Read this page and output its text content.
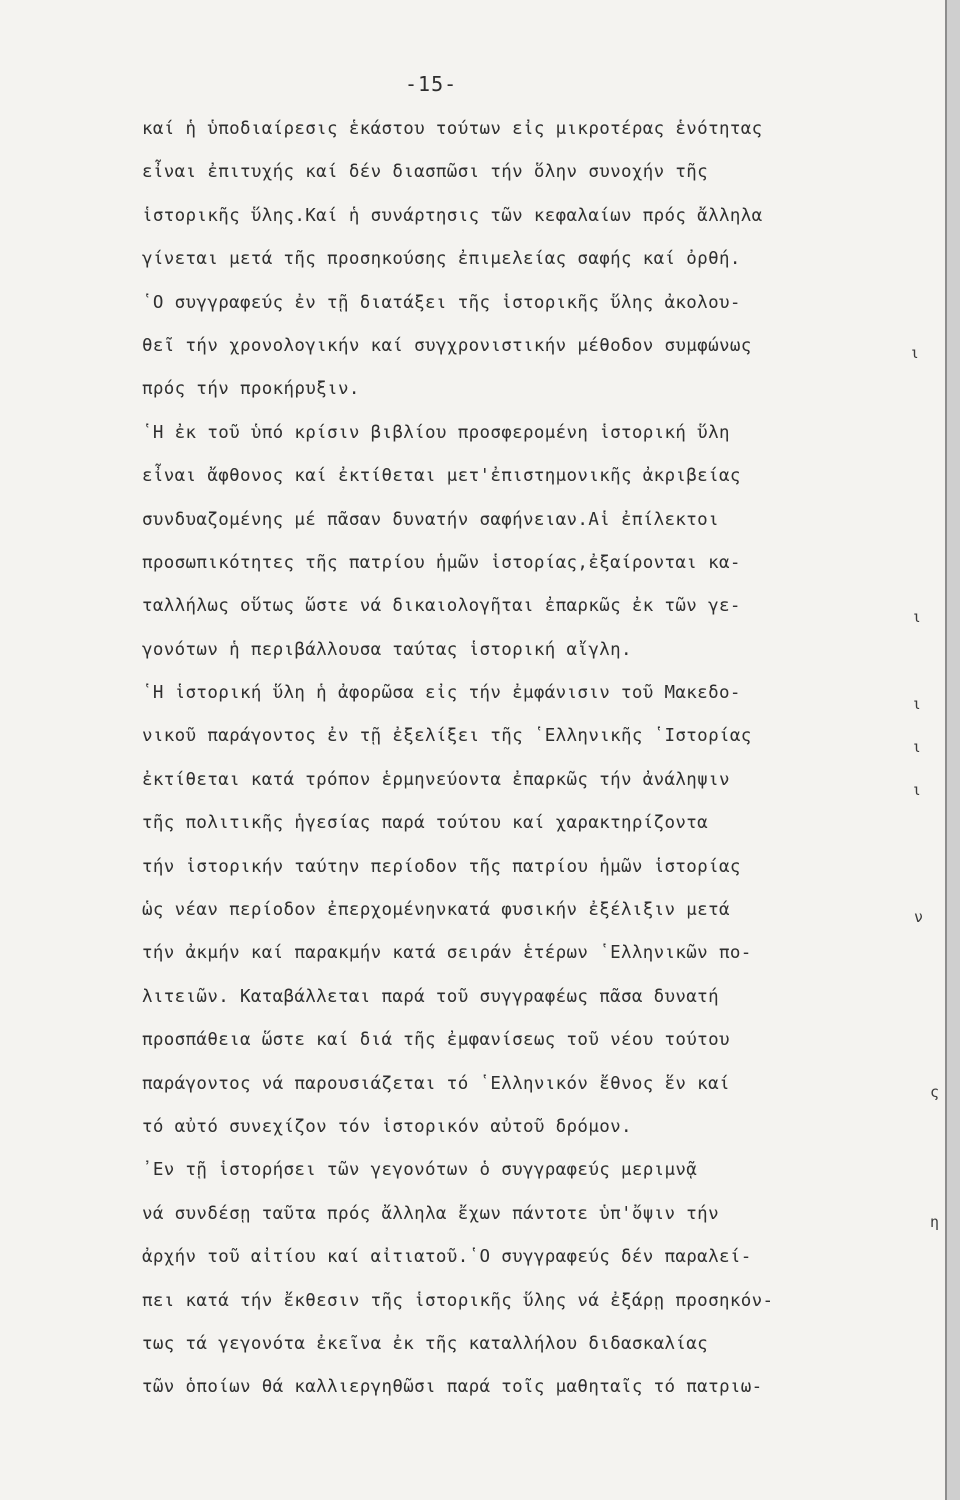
-15-
καί ἡ ὑποδιαίρεσις ἑκάστου τούτων εἰς μικροτέρας ἑνότητας
εἶναι ἐπιτυχής καί δέν διασπῶσι τήν ὅλην συνοχήν τῆς
ἱστορικῆς ὕλης.Καί ἡ συνάρτησις τῶν κεφαλαίων πρός ἄλληλα
γίνεται μετά τῆς προσηκούσης ἐπιμελείας σαφής καί ὀρθή.
῾Ο συγγραφεύς ἐν τῇ διατάξει τῆς ἱστορικῆς ὕλης ἀκολου-
θεῖ τήν χρονολογικήν καί συγχρονιστικήν μέθοδον συμφώνως
πρός τήν προκήρυξιν.
῾Η ἐκ τοῦ ὑπό κρίσιν βιβλίου προσφερομένη ἱστορική ὕλη
εἶναι ἄφθονος καί ἐκτίθεται μετ'ἐπιστημονικῆς ἀκριβείας
συνδυαζομένης μέ πᾶσαν δυνατήν σαφήνειαν.Αἱ ἐπίλεκτοι
προσωπικότητες τῆς πατρίου ἡμῶν ἱστορίας,ἐξαίρονται κα-
ταλλήλως οὕτως ὥστε νά δικαιολογῆται ἐπαρκῶς ἐκ τῶν γε-
γονότων ἡ περιβάλλουσα ταύτας ἱστορική αἴγλη.
῾Η ἱστορική ὕλη ἡ ἀφορῶσα εἰς τήν ἐμφάνισιν τοῦ Μακεδο-
νικοῦ παράγοντος ἐν τῇ ἐξελίξει τῆς ῾Ελληνικῆς ῾Ιστορίας
ἐκτίθεται κατά τρόπον ἑρμηνεύοντα ἐπαρκῶς τήν ἀνάληψιν
τῆς πολιτικῆς ἡγεσίας παρά τούτου καί χαρακτηρίζοντα
τήν ἱστορικήν ταύτην περίοδον τῆς πατρίου ἡμῶν ἱστορίας
ὡς νέαν περίοδον ἐπερχομένηνκατά φυσικήν ἐξέλιξιν μετά
τήν ἀκμήν καί παρακμήν κατά σειράν ἑτέρων ῾Ελληνικῶν πο-
λιτειῶν. Καταβάλλεται παρά τοῦ συγγραφέως πᾶσα δυνατή
προσπάθεια ὥστε καί διά τῆς ἐμφανίσεως τοῦ νέου τούτου
παράγοντος νά παρουσιάζεται τό ῾Ελληνικόν ἔθνος ἕν καί
τό αὐτό συνεχίζον τόν ἱστορικόν αὐτοῦ δρόμον.
᾽Εν τῇ ἱστορήσει τῶν γεγονότων ὁ συγγραφεύς μεριμνᾷ
νά συνδέσῃ ταῦτα πρός ἄλληλα ἔχων πάντοτε ὑπ'ὄψιν τήν
ἀρχήν τοῦ αἰτίου καί αἰτιατοῦ.῾Ο συγγραφεύς δέν παραλεί-
πει κατά τήν ἔκθεσιν τῆς ἱστορικῆς ὕλης νά ἐξάρῃ προσηκόν-
τως τά γεγονότα ἐκεῖνα ἐκ τῆς καταλλήλου διδασκαλίας
τῶν ὁποίων θά καλλιεργηθῶσι παρά τοῖς μαθηταῖς τό πατριω-
ι
ι
ι
ι
ι
ν
ς
η
